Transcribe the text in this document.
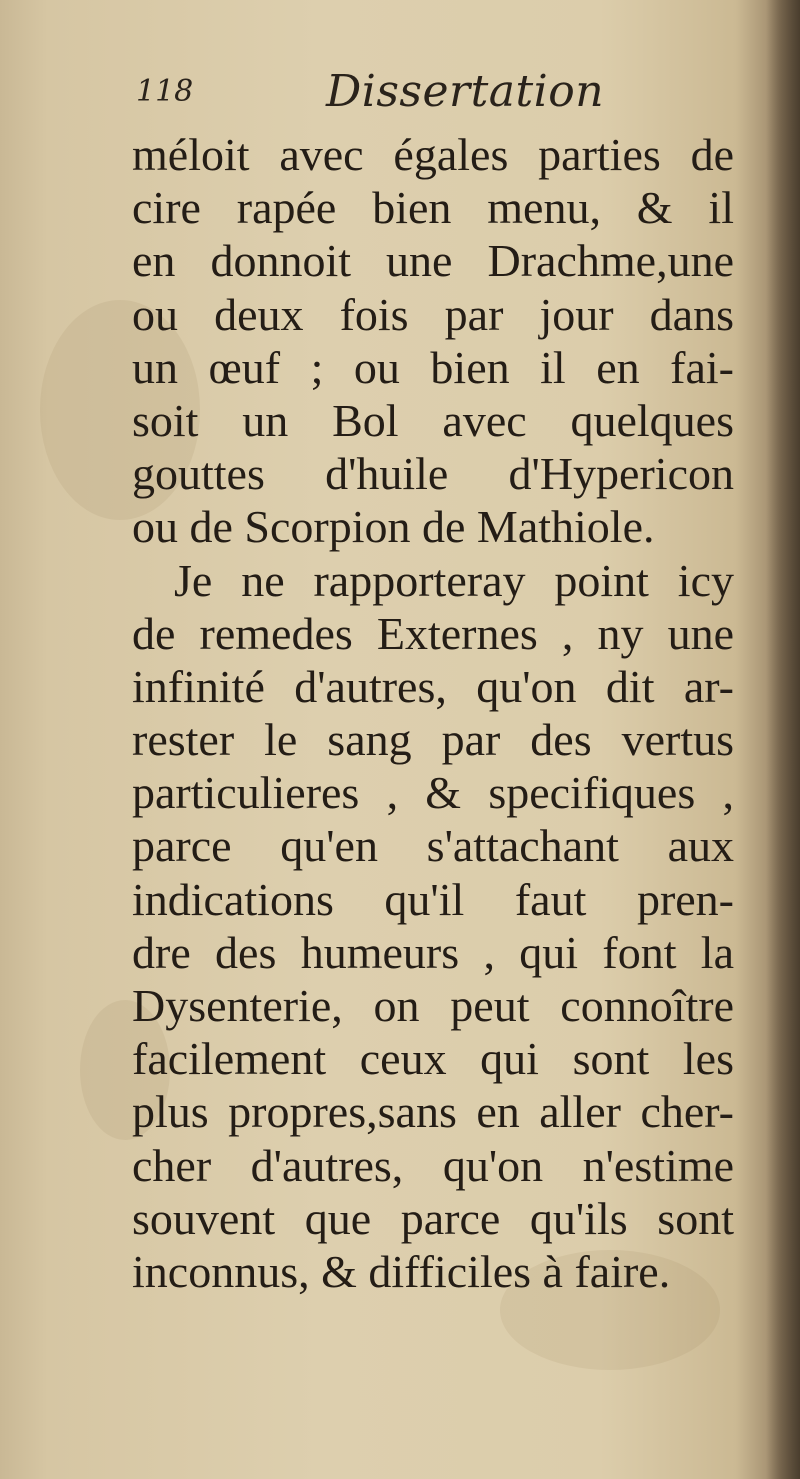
118	Dissertation
méloit avec égales parties de
cire rapée bien menu, & il
en donnoit une Drachme,une
ou deux fois par jour dans
un œuf ; ou bien il en fai-
soit un Bol avec quelques
gouttes d'huile d'Hypericon
ou de Scorpion de Mathiole.
Je ne rapporteray point icy
de remedes Externes , ny une
infinité d'autres, qu'on dit ar-
rester le sang par des vertus
particulieres , & specifiques ,
parce qu'en s'attachant aux
indications qu'il faut pren-
dre des humeurs , qui font la
Dysenterie, on peut connoître
facilement ceux qui sont les
plus propres,sans en aller cher-
cher d'autres, qu'on n'estime
souvent que parce qu'ils sont
inconnus, & difficiles à faire.
